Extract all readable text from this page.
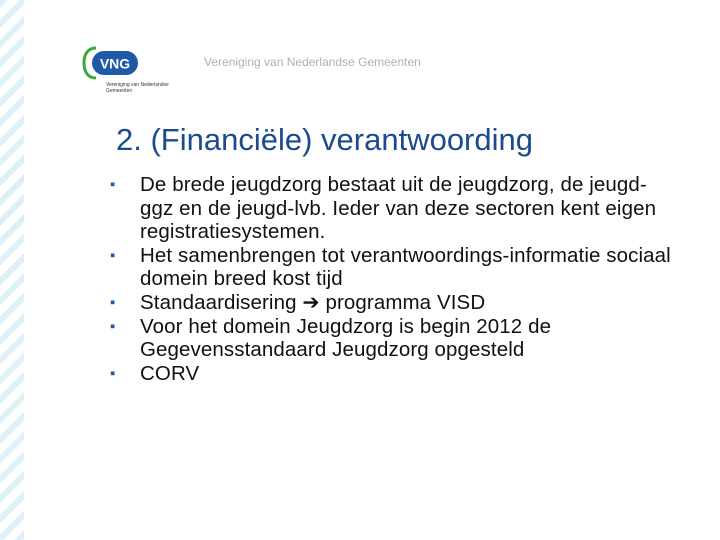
VNG
Vereniging van Nederlandse Gemeenten
Vereniging van Nederlandse Gemeenten
2. (Financiële) verantwoording
▪	De brede jeugdzorg bestaat uit de jeugdzorg, de jeugd-ggz en de jeugd-lvb. Ieder van deze sectoren kent eigen registratiesystemen.
▪	Het samenbrengen tot verantwoordings-informatie sociaal domein breed kost tijd
▪	Standaardisering ➔ programma VISD
▪	Voor het domein Jeugdzorg is begin 2012 de Gegevensstandaard Jeugdzorg opgesteld
▪	CORV
